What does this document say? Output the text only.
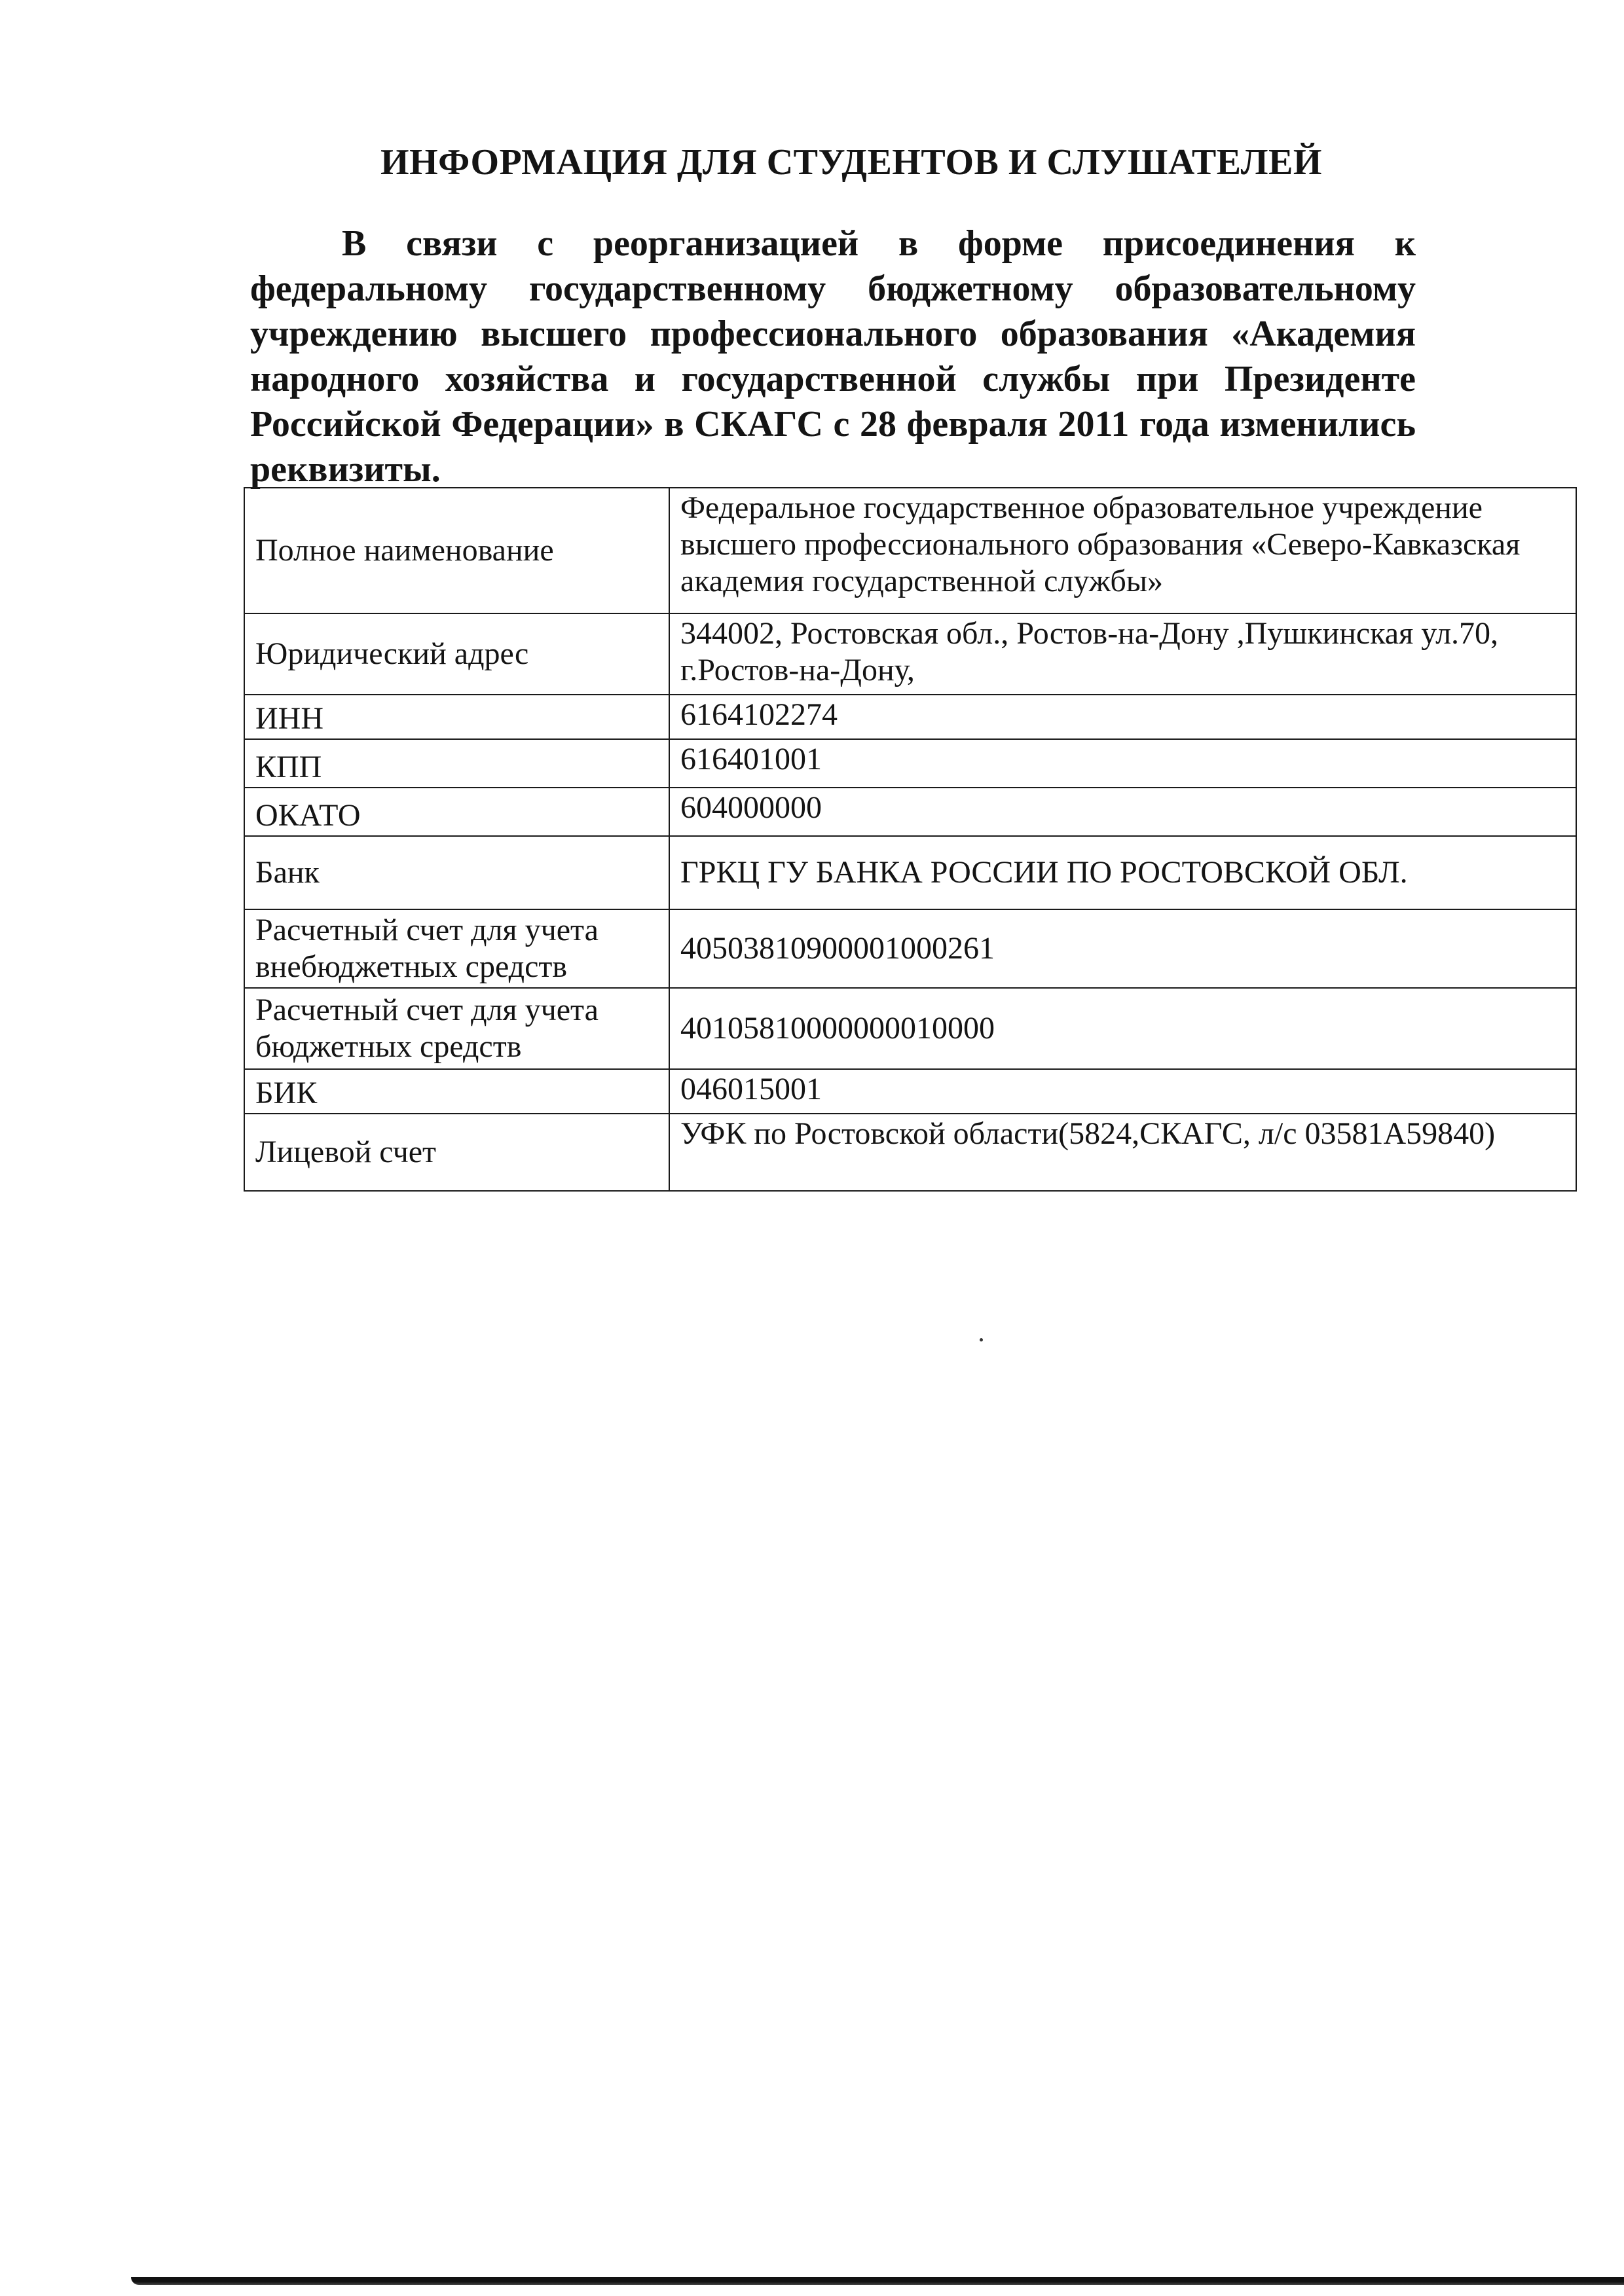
ИНФОРМАЦИЯ ДЛЯ СТУДЕНТОВ И СЛУШАТЕЛЕЙ

В связи с реорганизацией в форме присоединения к федеральному государственному бюджетному образовательному учреждению высшего профессионального образования «Академия народного хозяйства и государственной службы при Президенте Российской Федерации» в СКАГС с 28 февраля 2011 года изменились реквизиты.

Полное наименование	Федеральное государственное образовательное учреждение высшего профессионального образования «Северо-Кавказская академия государственной службы»
Юридический адрес	344002, Ростовская обл., Ростов-на-Дону ,Пушкинская ул.70, г.Ростов-на-Дону,
ИНН	6164102274
КПП	616401001
ОКАТО	604000000
Банк	ГРКЦ ГУ БАНКА РОССИИ ПО РОСТОВСКОЙ ОБЛ.
Расчетный счет для учета внебюджетных средств	40503810900001000261
Расчетный счет для учета бюджетных средств	40105810000000010000
БИК	046015001
Лицевой счет	УФК по Ростовской области(5824,СКАГС, л/с 03581А59840)
